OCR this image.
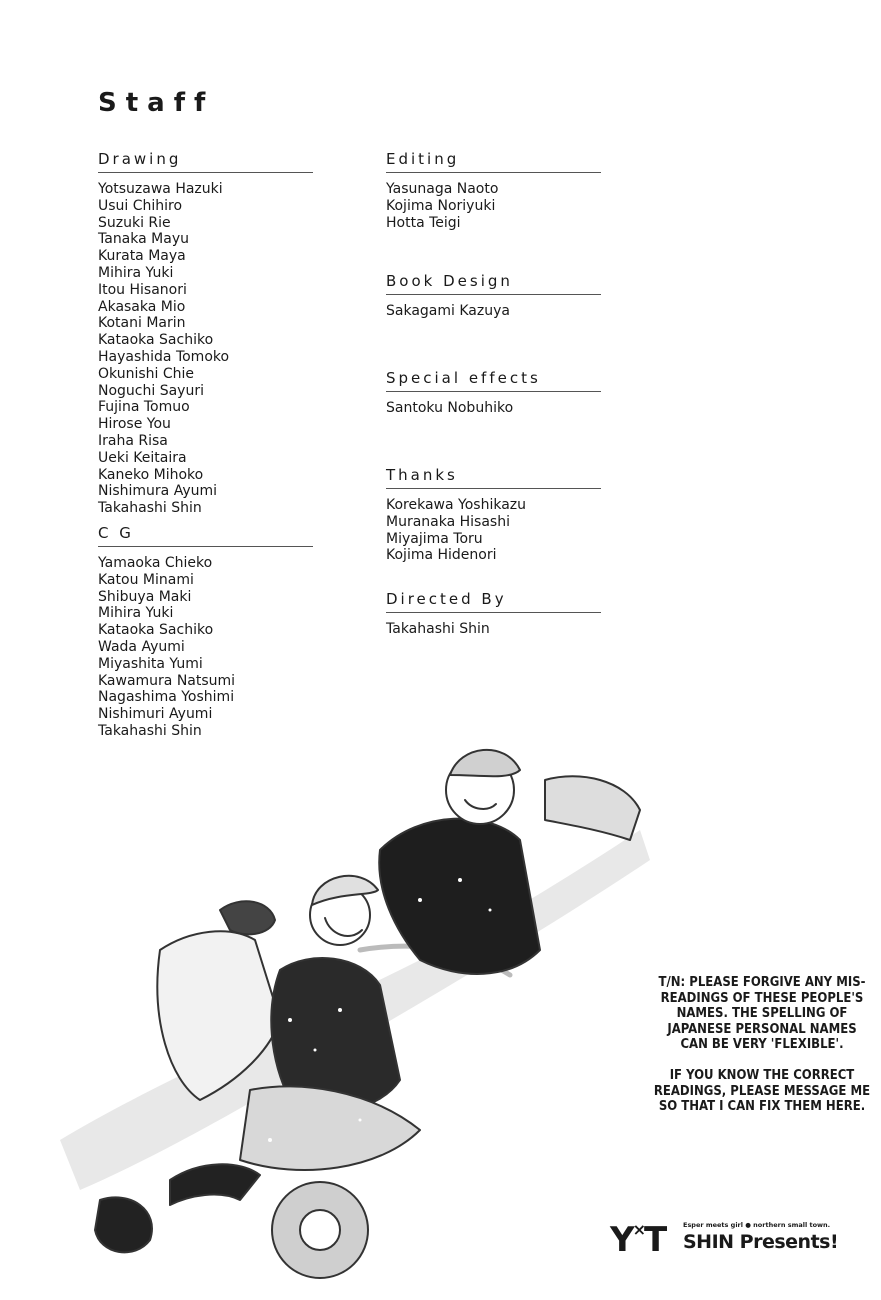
Staff
Drawing
Yotsuzawa Hazuki
Usui Chihiro
Suzuki Rie
Tanaka Mayu
Kurata Maya
Mihira Yuki
Itou Hisanori
Akasaka Mio
Kotani Marin
Kataoka Sachiko
Hayashida Tomoko
Okunishi Chie
Noguchi Sayuri
Fujina Tomuo
Hirose You
Iraha Risa
Ueki Keitaira
Kaneko Mihoko
Nishimura Ayumi
Takahashi Shin
C G
Yamaoka Chieko
Katou Minami
Shibuya Maki
Mihira Yuki
Kataoka Sachiko
Wada Ayumi
Miyashita Yumi
Kawamura Natsumi
Nagashima Yoshimi
Nishimuri Ayumi
Takahashi Shin
Editing
Yasunaga Naoto
Kojima Noriyuki
Hotta Teigi
Book Design
Sakagami Kazuya
Special effects
Santoku Nobuhiko
Thanks
Korekawa Yoshikazu
Muranaka Hisashi
Miyajima Toru
Kojima Hidenori
Directed By
Takahashi Shin

T/N: PLEASE FORGIVE ANY MIS-READINGS OF THESE PEOPLE'S NAMES. THE SPELLING OF JAPANESE PERSONAL NAMES CAN BE VERY 'FLEXIBLE'.

IF YOU KNOW THE CORRECT READINGS, PLEASE MESSAGE ME SO THAT I CAN FIX THEM HERE.

Y×T	Esper meets girl ● northern small town.
SHIN Presents!
